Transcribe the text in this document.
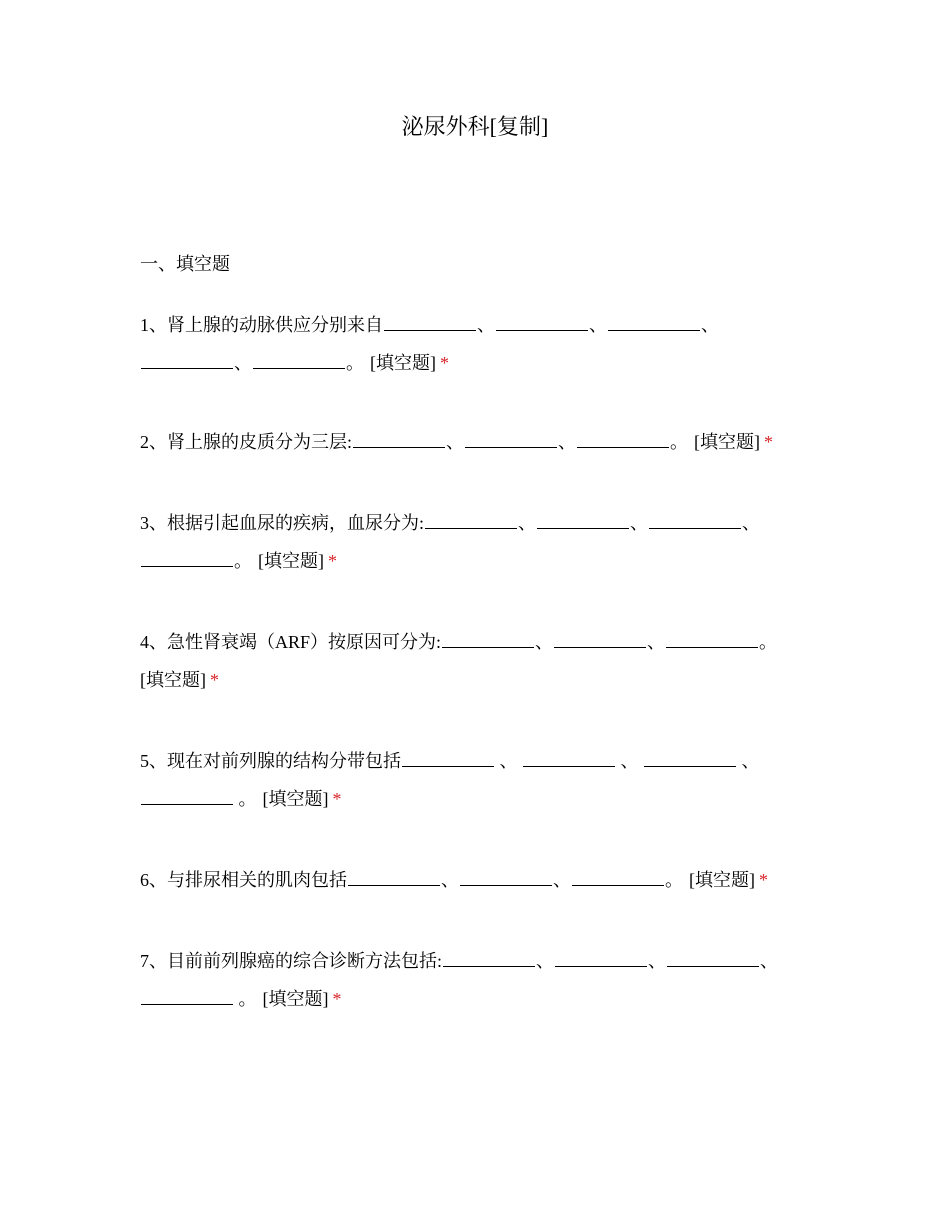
泌尿外科[复制]
一、填空题
1、肾上腺的动脉供应分别来自	、	、	、
、	。 [填空题] *
2、肾上腺的皮质分为三层:	、	、	。 [填空题] *
3、根据引起血尿的疾病，血尿分为:	、	、	、
。 [填空题] *
4、急性肾衰竭（ARF）按原因可分为:	、	、	。
[填空题] *
5、现在对前列腺的结构分带包括	、	、	、
。 [填空题] *
6、与排尿相关的肌肉包括	、	、	。 [填空题] *
7、目前前列腺癌的综合诊断方法包括:	、	、	、
。 [填空题] *
